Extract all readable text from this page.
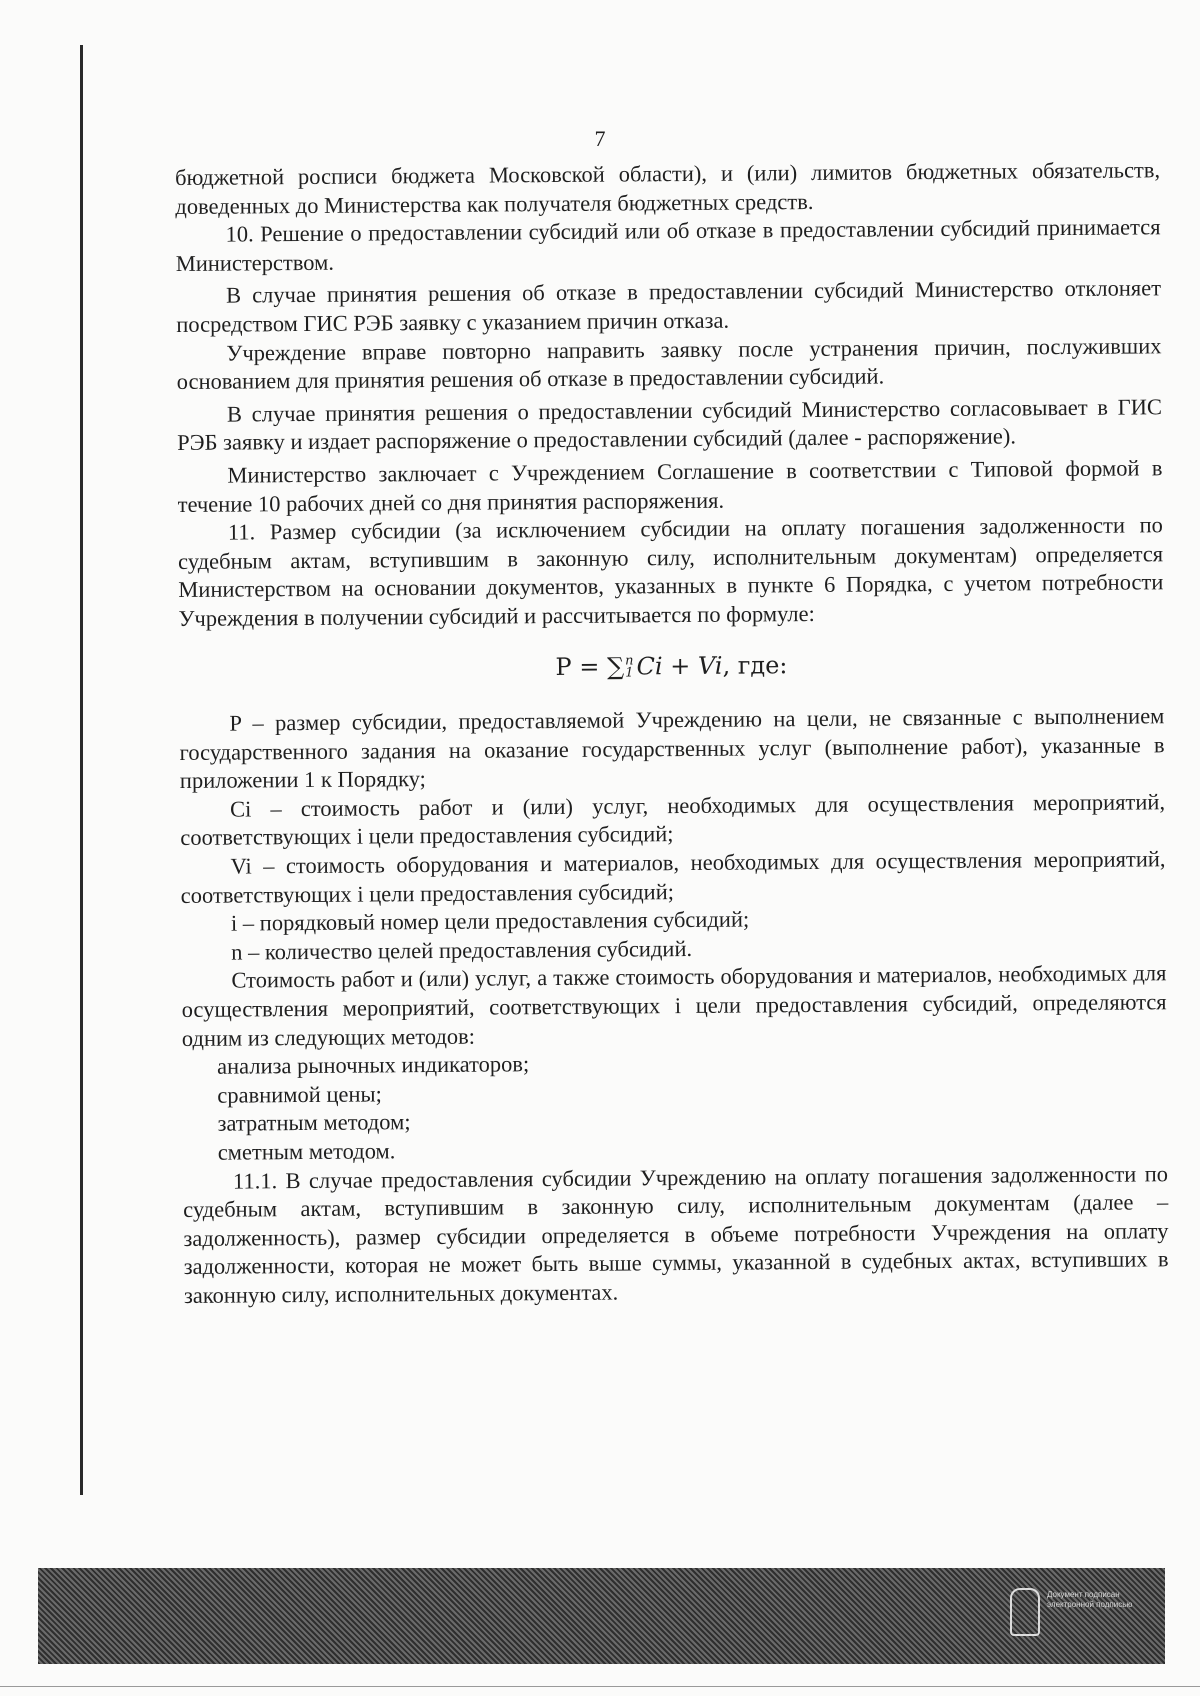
7

бюджетной росписи бюджета Московской области), и (или) лимитов бюджетных обязательств, доведенных до Министерства как получателя бюджетных средств.

10. Решение о предоставлении субсидий или об отказе в предоставлении субсидий принимается Министерством.

В случае принятия решения об отказе в предоставлении субсидий Министерство отклоняет посредством ГИС РЭБ заявку с указанием причин отказа.

Учреждение вправе повторно направить заявку после устранения причин, послуживших основанием для принятия решения об отказе в предоставлении субсидий.

В случае принятия решения о предоставлении субсидий Министерство согласовывает в ГИС РЭБ заявку и издает распоряжение о предоставлении субсидий (далее - распоряжение).

Министерство заключает с Учреждением Соглашение в соответствии с Типовой формой в течение 10 рабочих дней со дня принятия распоряжения.

11. Размер субсидии (за исключением субсидии на оплату погашения задолженности по судебным актам, вступившим в законную силу, исполнительным документам) определяется Министерством на основании документов, указанных в пункте 6 Порядка, с учетом потребности Учреждения в получении субсидий и рассчитывается по формуле:

P = ∑n
1 Ci + Vi, где:

P – размер субсидии, предоставляемой Учреждению на цели, не связанные с выполнением государственного задания на оказание государственных услуг (выполнение работ), указанные в приложении 1 к Порядку;

Ci – стоимость работ и (или) услуг, необходимых для осуществления мероприятий, соответствующих i цели предоставления субсидий;

Vi – стоимость оборудования и материалов, необходимых для осуществления мероприятий, соответствующих i цели предоставления субсидий;

i – порядковый номер цели предоставления субсидий;

n – количество целей предоставления субсидий.

Стоимость работ и (или) услуг, а также стоимость оборудования и материалов, необходимых для осуществления мероприятий, соответствующих i цели предоставления субсидий, определяются одним из следующих методов:

анализа рыночных индикаторов;

сравнимой цены;

затратным методом;

сметным методом.

11.1. В случае предоставления субсидии Учреждению на оплату погашения задолженности по судебным актам, вступившим в законную силу, исполнительным документам (далее – задолженность), размер субсидии определяется в объеме потребности Учреждения на оплату задолженности, которая не может быть выше суммы, указанной в судебных актах, вступивших в законную силу, исполнительных документах.

Документ подписан электронной подписью
